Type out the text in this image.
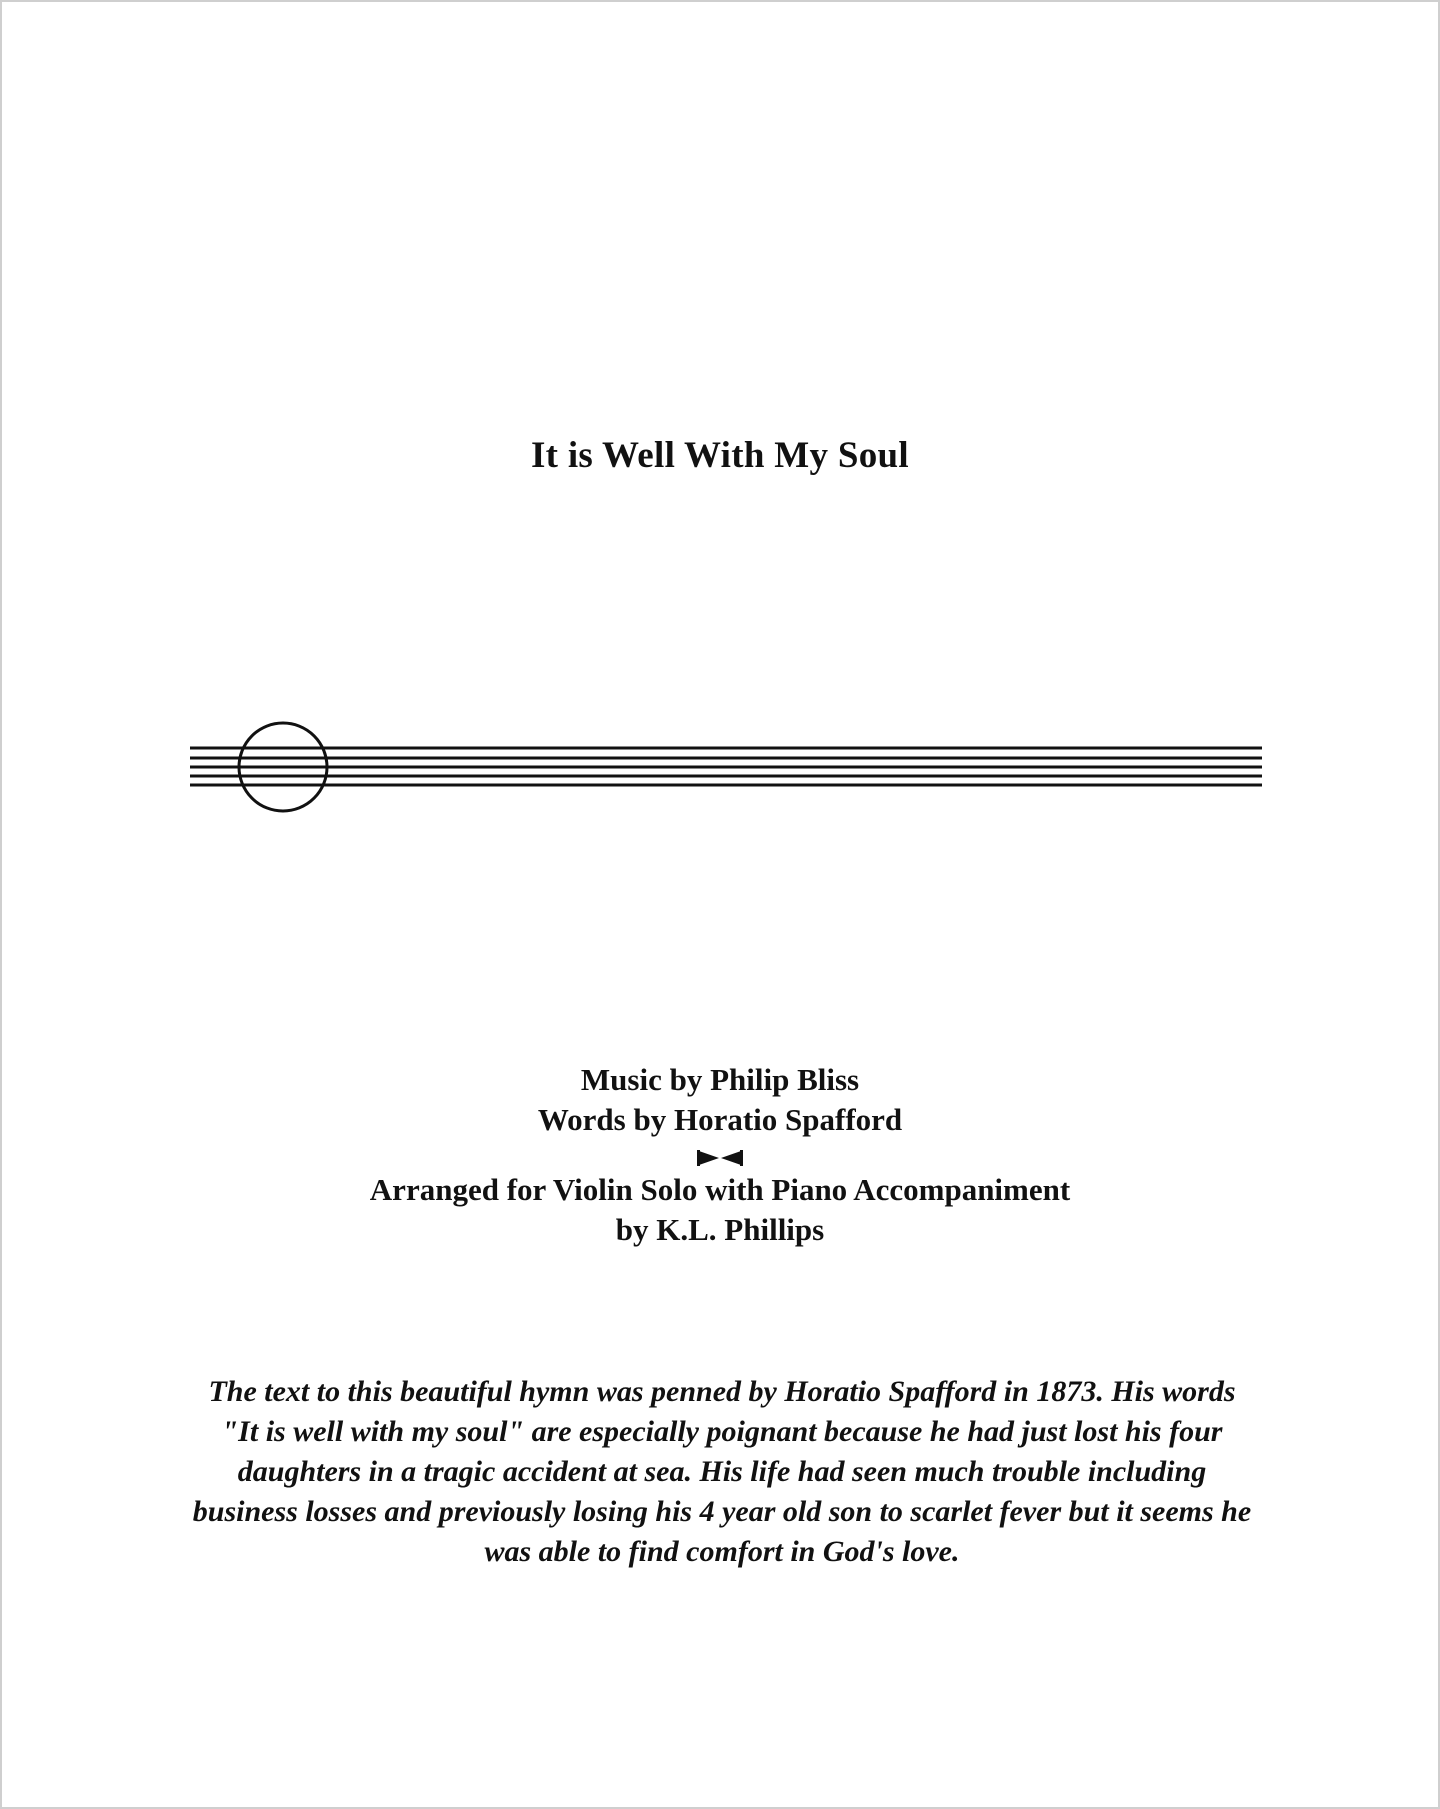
It is Well With My Soul
Music by Philip Bliss
Words by Horatio Spafford
Arranged for Violin Solo with Piano Accompaniment
by K.L. Phillips
The text to this beautiful hymn was penned by Horatio Spafford in 1873. His words "It is well with my soul" are especially poignant because he had just lost his four daughters in a tragic accident at sea. His life had seen much trouble including business losses and previously losing his 4 year old son to scarlet fever but it seems he was able to find comfort in God's love.
